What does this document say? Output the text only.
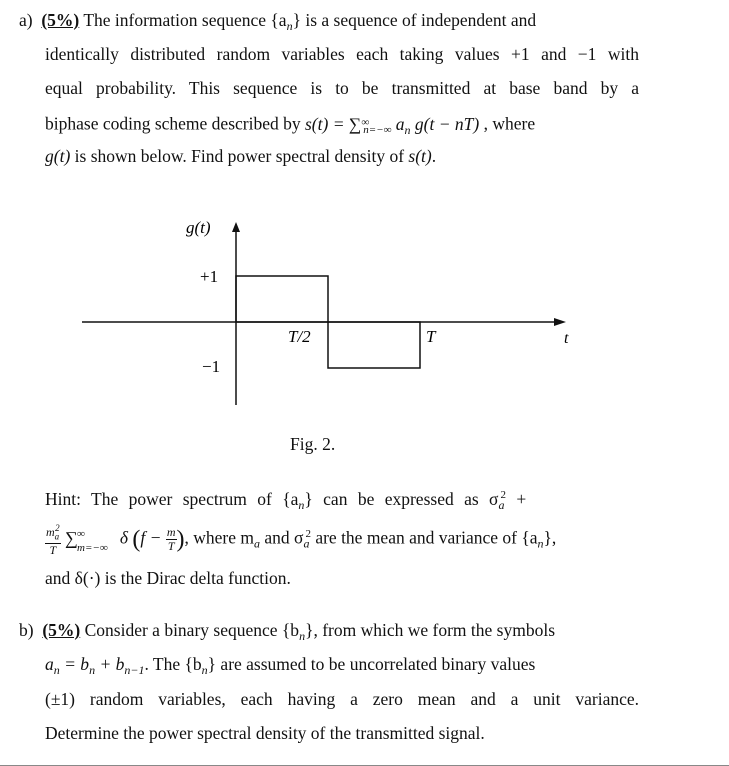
a) (5%) The information sequence $\{a_n\}$ is a sequence of independent and
identically distributed random variables each taking values +1 and −1 with
equal probability. This sequence is to be transmitted at base band by a
biphase coding scheme described by $s(t) = \sum^\infty_{n=-\infty}$ $a_n$ g(t − nT) , where
g(t) is shown below. Find power spectral density of s(t).
g(t)
+1
−1
T/2	T	t
Fig. 2.
Hint: The power spectrum of $\{a_n\}$ can be expressed as $\sigma_a^2$ +
$\frac{m_a^2}{T}$ ∑ ∞
m=−∞ δ ($f - \frac{m}{T}$ ), where $m_a$ and $\sigma_a^2$ are the mean and variance of $\{a_n\}$,
and δ(·) is the Dirac delta function.
b) (5%) Consider a binary sequence $\{b_n\}$, from which we form the symbols
$a_n = b_n + b_{n-1}$. The $\{b_n\}$ are assumed to be uncorrelated binary values
(±1) random variables, each having a zero mean and a unit variance.
Determine the power spectral density of the transmitted signal.
